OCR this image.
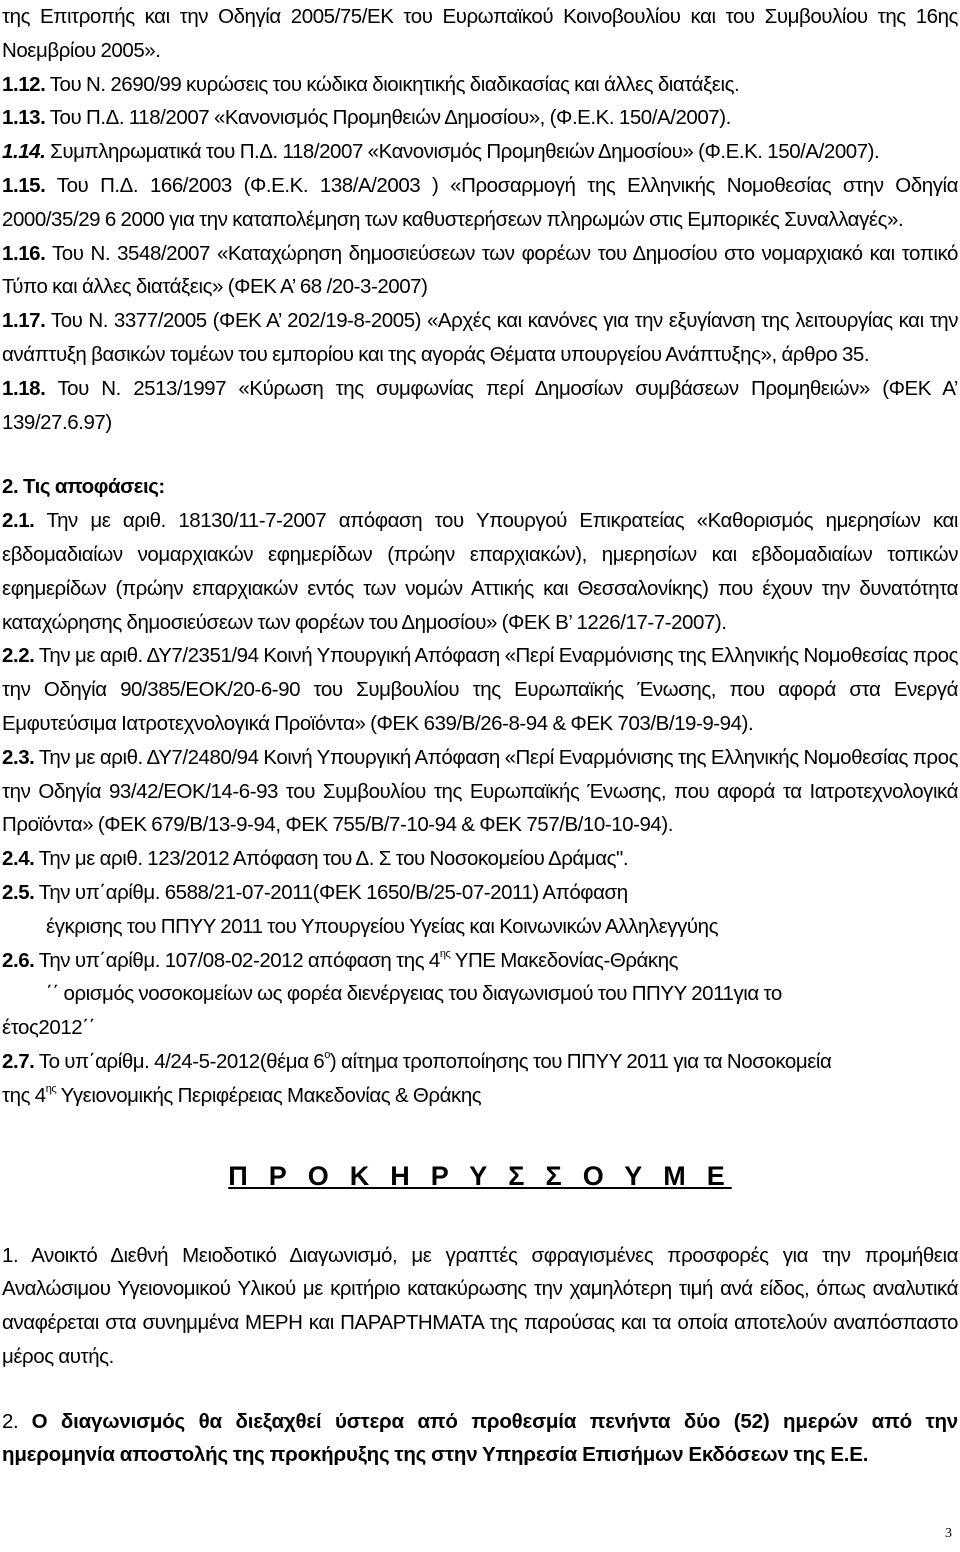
της Επιτροπής και την Οδηγία 2005/75/ΕΚ του Ευρωπαϊκού Κοινοβουλίου και του Συμβουλίου της 16ης Νοεμβρίου 2005».

1.12. Του Ν. 2690/99 κυρώσεις του κώδικα διοικητικής διαδικασίας και άλλες διατάξεις.

1.13. Του Π.Δ. 118/2007 «Κανονισμός Προμηθειών Δημοσίου», (Φ.Ε.Κ. 150/Α/2007).

1.14. Συμπληρωματικά του Π.Δ. 118/2007 «Κανονισμός Προμηθειών Δημοσίου» (Φ.Ε.Κ. 150/Α/2007).

1.15. Του Π.Δ. 166/2003 (Φ.Ε.Κ. 138/Α/2003 ) «Προσαρμογή της Ελληνικής Νομοθεσίας στην Οδηγία 2000/35/29 6 2000 για την καταπολέμηση των καθυστερήσεων πληρωμών στις Εμπορικές Συναλλαγές».

1.16. Του Ν. 3548/2007 «Καταχώρηση δημοσιεύσεων των φορέων του Δημοσίου στο νομαρχιακό και τοπικό Τύπο και άλλες διατάξεις» (ΦΕΚ Α’ 68 /20-3-2007)

1.17. Του Ν. 3377/2005 (ΦΕΚ Α’ 202/19-8-2005) «Αρχές και κανόνες για την εξυγίανση της λειτουργίας και την ανάπτυξη βασικών τομέων του εμπορίου και της αγοράς Θέματα υπουργείου Ανάπτυξης», άρθρο 35.

1.18. Του Ν. 2513/1997 «Κύρωση της συμφωνίας περί Δημοσίων συμβάσεων Προμηθειών» (ΦΕΚ Α’ 139/27.6.97)

2. Τις αποφάσεις:

2.1. Την με αριθ. 18130/11-7-2007 απόφαση του Υπουργού Επικρατείας «Καθορισμός ημερησίων και εβδομαδιαίων νομαρχιακών εφημερίδων (πρώην επαρχιακών), ημερησίων και εβδομαδιαίων τοπικών εφημερίδων (πρώην επαρχιακών εντός των νομών Αττικής και Θεσσαλονίκης) που έχουν την δυνατότητα καταχώρησης δημοσιεύσεων των φορέων του Δημοσίου» (ΦΕΚ Β’ 1226/17-7-2007).

2.2. Την με αριθ. ΔΥ7/2351/94 Κοινή Υπουργική Απόφαση «Περί Εναρμόνισης της Ελληνικής Νομοθεσίας προς την Οδηγία 90/385/ΕΟΚ/20-6-90 του Συμβουλίου της Ευρωπαϊκής Ένωσης, που αφορά στα Ενεργά Εμφυτεύσιμα Ιατροτεχνολογικά Προϊόντα» (ΦΕΚ 639/Β/26-8-94 & ΦΕΚ 703/Β/19-9-94).

2.3. Την με αριθ. ΔΥ7/2480/94 Κοινή Υπουργική Απόφαση «Περί Εναρμόνισης της Ελληνικής Νομοθεσίας προς την Οδηγία 93/42/ΕΟΚ/14-6-93 του Συμβουλίου της Ευρωπαϊκής Ένωσης, που αφορά τα Ιατροτεχνολογικά Προϊόντα» (ΦΕΚ 679/Β/13-9-94, ΦΕΚ 755/Β/7-10-94 & ΦΕΚ 757/Β/10-10-94).

2.4. Την με αριθ. 123/2012 Απόφαση του Δ. Σ του Νοσοκομείου Δράμας".

2.5. Την υπ΄αρίθμ. 6588/21-07-2011(ΦΕΚ 1650/Β/25-07-2011) Απόφαση

έγκρισης του ΠΠΥΥ 2011 του Υπουργείου Υγείας και Κοινωνικών Αλληλεγγύης

2.6. Την υπ΄αρίθμ. 107/08-02-2012 απόφαση της $4^{\eta\varsigma}$ ΥΠΕ Μακεδονίας-Θράκης

΄΄ ορισμός νοσοκομείων ως φορέα διενέργειας του διαγωνισμού του ΠΠΥΥ 2011για το

έτος2012΄΄

2.7. Το υπ΄αρίθμ. 4/24-5-2012(θέμα $6^o$) αίτημα τροποποίησης του ΠΠΥΥ 2011 για τα Νοσοκομεία

της $4^{\eta\varsigma}$ Υγειονομικής Περιφέρειας Μακεδονίας & Θράκης

Π Ρ Ο Κ Η Ρ Υ Σ Σ Ο Υ Μ Ε

1. Ανοικτό Διεθνή Μειοδοτικό Διαγωνισμό, με γραπτές σφραγισμένες προσφορές για την προμήθεια Αναλώσιμου Υγειονομικού Υλικού με κριτήριο κατακύρωσης την χαμηλότερη τιμή ανά είδος, όπως αναλυτικά αναφέρεται στα συνημμένα ΜΕΡΗ και ΠΑΡΑΡΤΗΜΑΤΑ της παρούσας και τα οποία αποτελούν αναπόσπαστο μέρος αυτής.

2. Ο διαγωνισμός θα διεξαχθεί ύστερα από προθεσμία πενήντα δύο (52) ημερών από την ημερομηνία αποστολής της προκήρυξης της στην Υπηρεσία Επισήμων Εκδόσεων της Ε.Ε.

3
